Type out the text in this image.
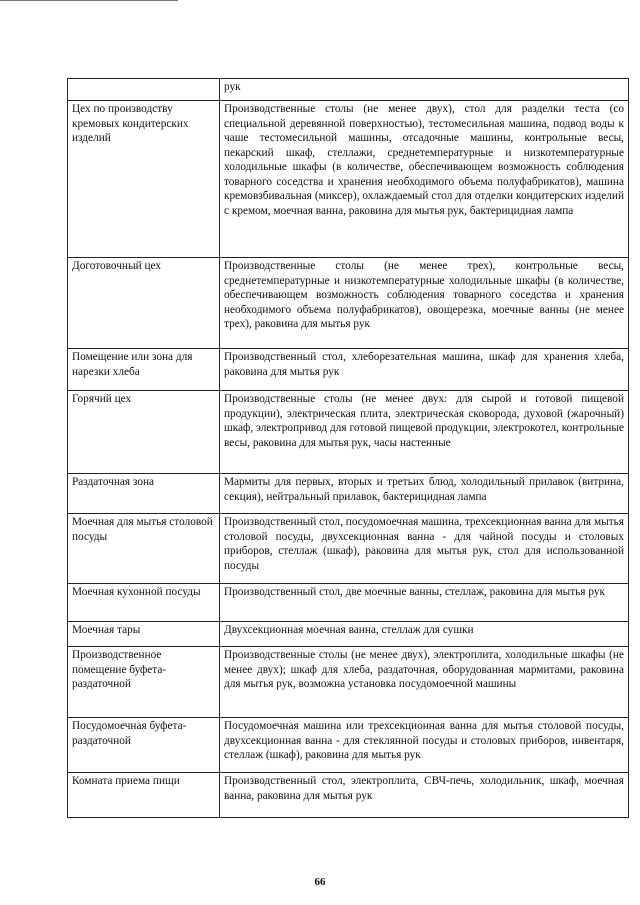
	рук
Цех по производству кремовых кондитерских изделий	Производственные столы (не менее двух), стол для разделки теста (со специальной деревянной поверхностью), тестомесильная машина, подвод воды к чаше тестомесильной машины, отсадочные машины, контрольные весы, пекарский шкаф, стеллажи, среднетемпературные и низкотемпературные холодильные шкафы (в количестве, обеспечивающем возможность соблюдения товарного соседства и хранения необходимого объема полуфабрикатов), машина кремовзбивальная (миксер), охлаждаемый стол для отделки кондитерских изделий с кремом, моечная ванна, раковина для мытья рук, бактерицидная лампа
Доготовочный цех	Производственные столы (не менее трех), контрольные весы, среднетемпературные и низкотемпературные холодильные шкафы (в количестве, обеспечивающем возможность соблюдения товарного соседства и хранения необходимого объема полуфабрикатов), овощерезка, моечные ванны (не менее трех), раковина для мытья рук
Помещение или зона для нарезки хлеба	Производственный стол, хлеборезательная машина, шкаф для хранения хлеба, раковина для мытья рук
Горячий цех	Производственные столы (не менее двух: для сырой и готовой пищевой продукции), электрическая плита, электрическая сковорода, духовой (жарочный) шкаф, электропривод для готовой пищевой продукции, электрокотел, контрольные весы, раковина для мытья рук, часы настенные
Раздаточная зона	Мармиты для первых, вторых и третьих блюд, холодильный прилавок (витрина, секция), нейтральный прилавок, бактерицидная лампа
Моечная для мытья столовой посуды	Производственный стол, посудомоечная машина, трехсекционная ванна для мытья столовой посуды, двухсекционная ванна - для чайной посуды и столовых приборов, стеллаж (шкаф), раковина для мытья рук, стол для использованной посуды
Моечная кухонной посуды	Производственный стол, две моечные ванны, стеллаж, раковина для мытья рук
Моечная тары	Двухсекционная моечная ванна, стеллаж для сушки
Производственное помещение буфета-раздаточной	Производственные столы (не менее двух), электроплита, холодильные шкафы (не менее двух); шкаф для хлеба, раздаточная, оборудованная мармитами, раковина для мытья рук, возможна установка посудомоечной машины
Посудомоечная буфета-раздаточной	Посудомоечная машина или трехсекционная ванна для мытья столовой посуды, двухсекционная ванна - для стеклянной посуды и столовых приборов, инвентаря, стеллаж (шкаф), раковина для мытья рук
Комната приема пищи	Производственный стол, электроплита, СВЧ-печь, холодильник, шкаф, моечная ванна, раковина для мытья рук
66
